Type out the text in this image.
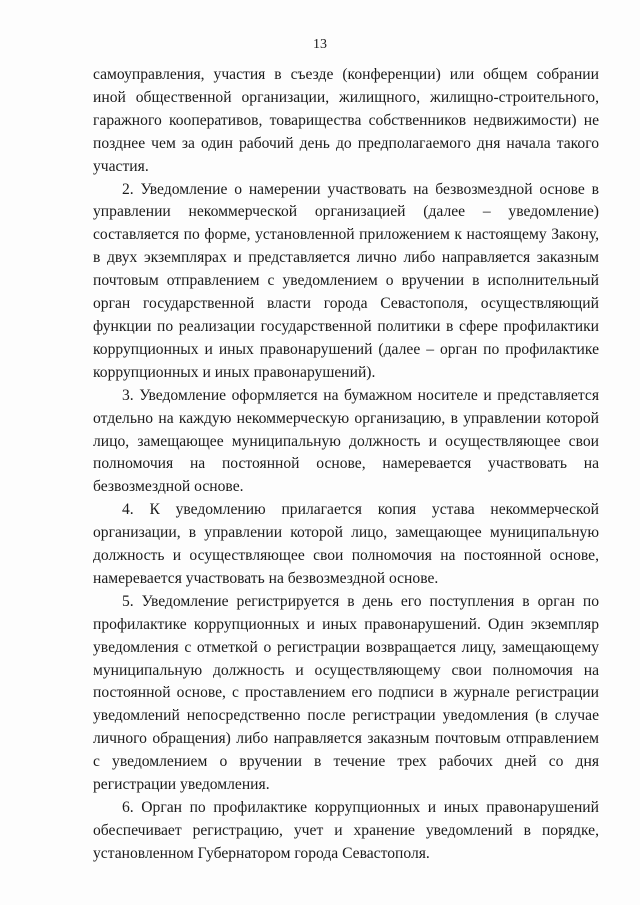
13

самоуправления, участия в съезде (конференции) или общем собрании иной общественной организации, жилищного, жилищно-строительного, гаражного кооперативов, товарищества собственников недвижимости) не позднее чем за один рабочий день до предполагаемого дня начала такого участия.

2. Уведомление о намерении участвовать на безвозмездной основе в управлении некоммерческой организацией (далее – уведомление) составляется по форме, установленной приложением к настоящему Закону, в двух экземплярах и представляется лично либо направляется заказным почтовым отправлением с уведомлением о вручении в исполнительный орган государственной власти города Севастополя, осуществляющий функции по реализации государственной политики в сфере профилактики коррупционных и иных правонарушений (далее – орган по профилактике коррупционных и иных правонарушений).

3. Уведомление оформляется на бумажном носителе и представляется отдельно на каждую некоммерческую организацию, в управлении которой лицо, замещающее муниципальную должность и осуществляющее свои полномочия на постоянной основе, намеревается участвовать на безвозмездной основе.

4. К уведомлению прилагается копия устава некоммерческой организации, в управлении которой лицо, замещающее муниципальную должность и осуществляющее свои полномочия на постоянной основе, намеревается участвовать на безвозмездной основе.

5. Уведомление регистрируется в день его поступления в орган по профилактике коррупционных и иных правонарушений. Один экземпляр уведомления с отметкой о регистрации возвращается лицу, замещающему муниципальную должность и осуществляющему свои полномочия на постоянной основе, с проставлением его подписи в журнале регистрации уведомлений непосредственно после регистрации уведомления (в случае личного обращения) либо направляется заказным почтовым отправлением с уведомлением о вручении в течение трех рабочих дней со дня регистрации уведомления.

6. Орган по профилактике коррупционных и иных правонарушений обеспечивает регистрацию, учет и хранение уведомлений в порядке, установленном Губернатором города Севастополя.
